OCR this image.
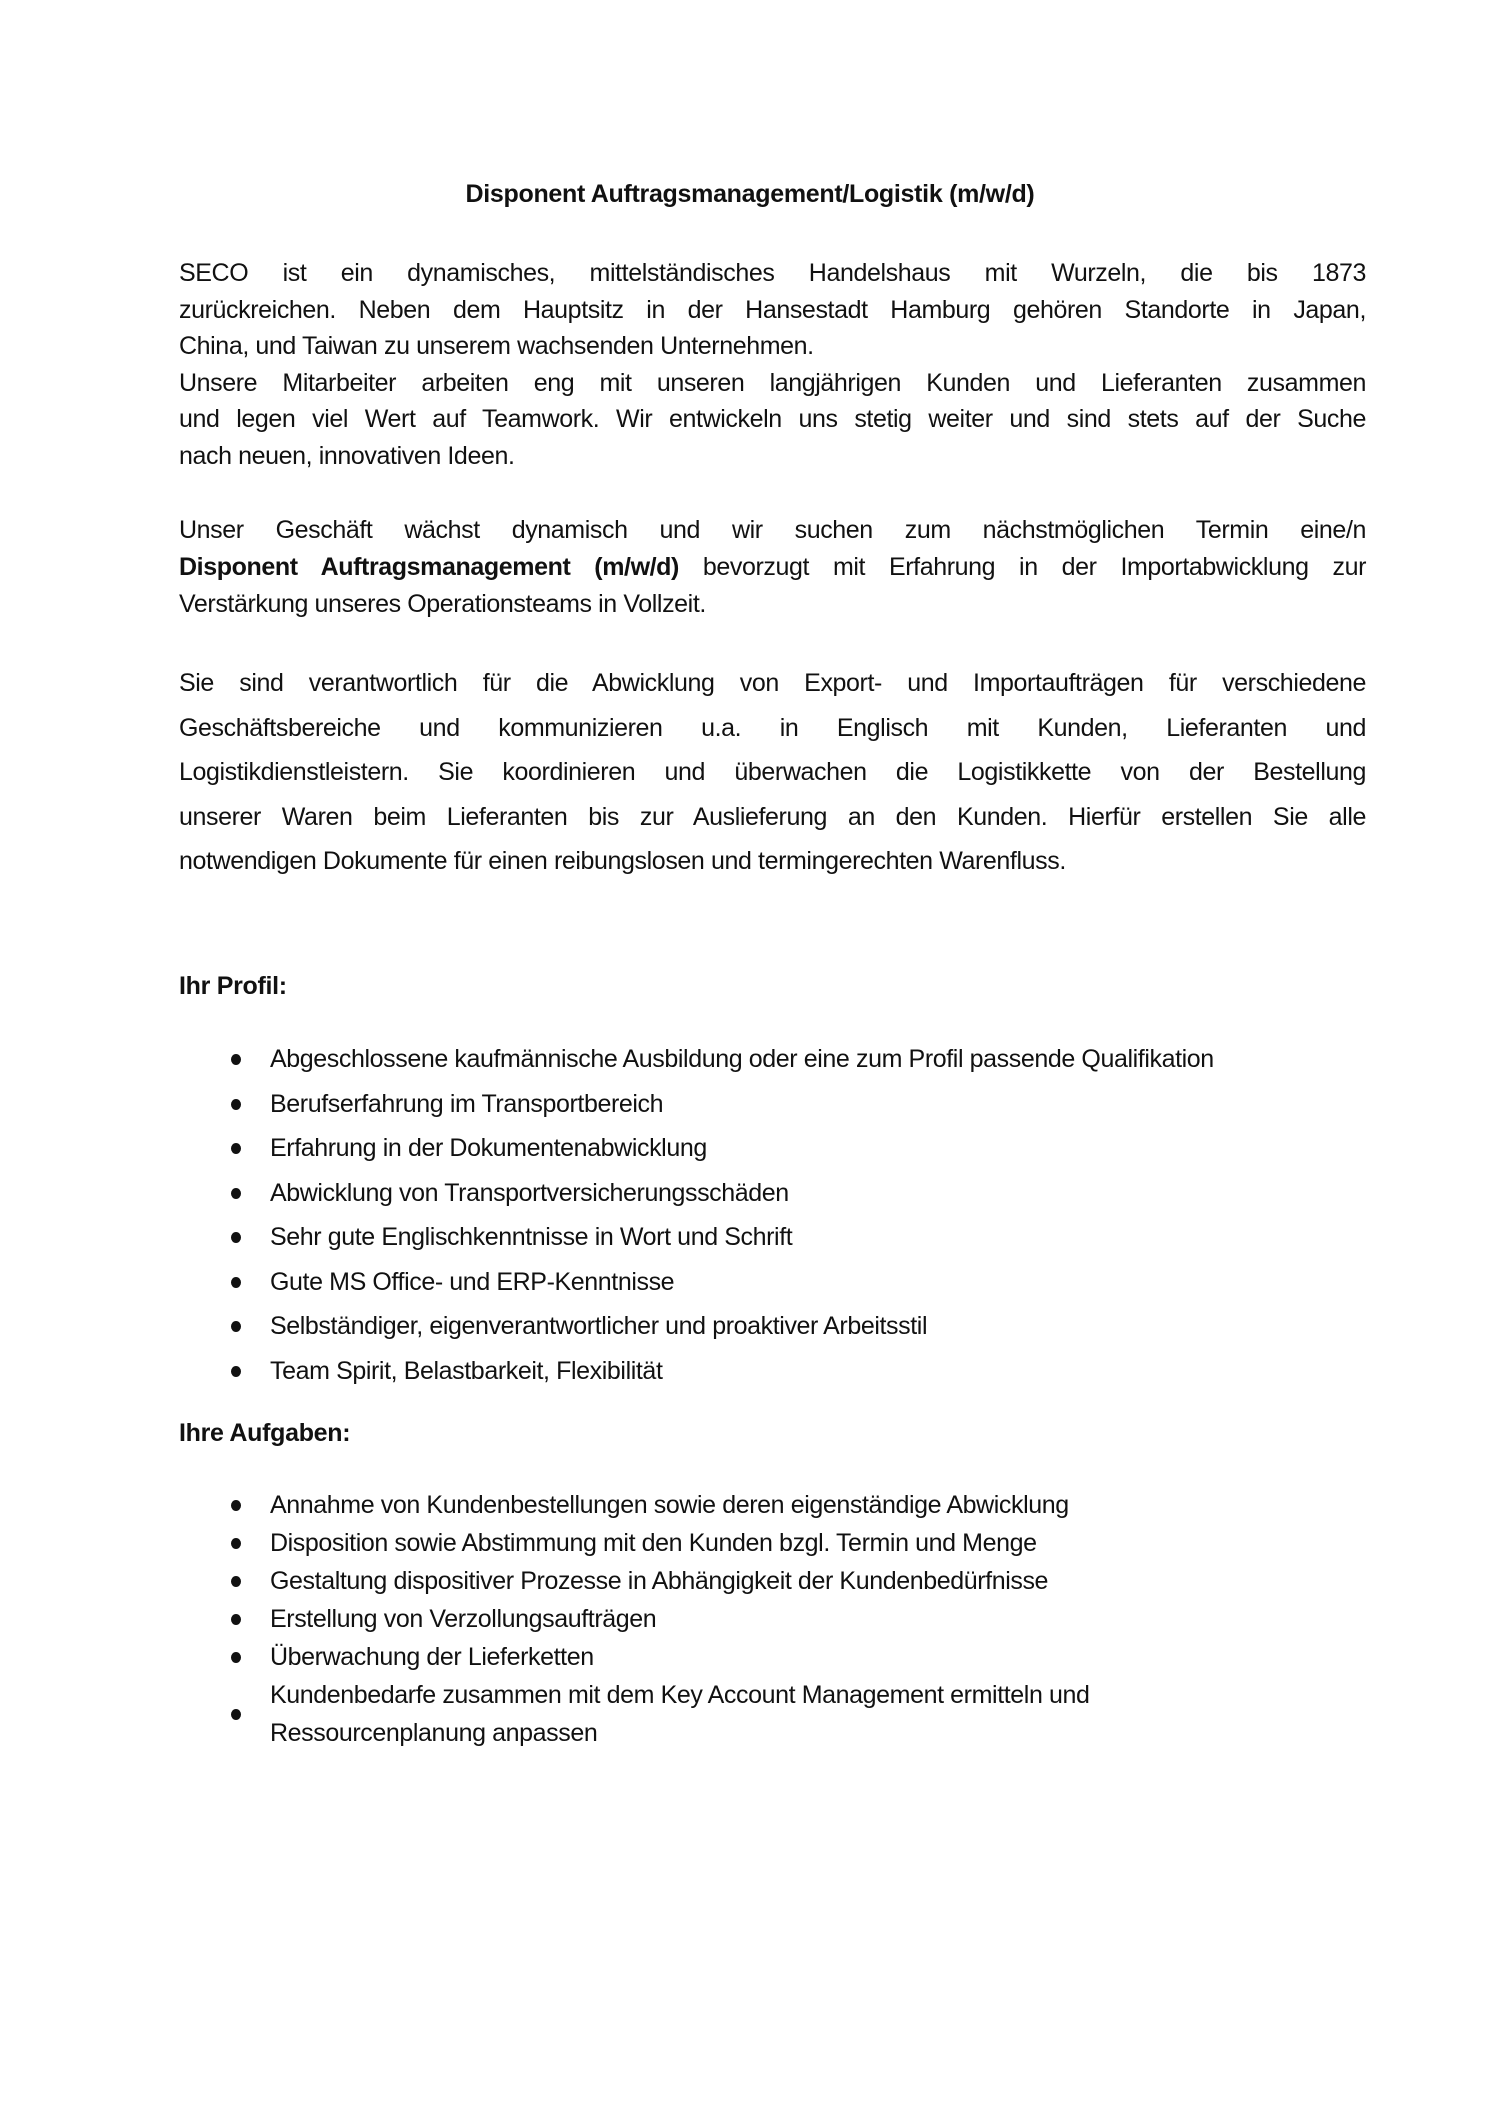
Disponent Auftragsmanagement/Logistik (m/w/d)
SECO ist ein dynamisches, mittelständisches Handelshaus mit Wurzeln, die bis 1873
zurückreichen. Neben dem Hauptsitz in der Hansestadt Hamburg gehören Standorte in Japan,
China, und Taiwan zu unserem wachsenden Unternehmen.
Unsere Mitarbeiter arbeiten eng mit unseren langjährigen Kunden und Lieferanten zusammen
und legen viel Wert auf Teamwork. Wir entwickeln uns stetig weiter und sind stets auf der Suche
nach neuen, innovativen Ideen.
Unser Geschäft wächst dynamisch und wir suchen zum nächstmöglichen Termin eine/n
Disponent Auftragsmanagement (m/w/d) bevorzugt mit Erfahrung in der Importabwicklung zur
Verstärkung unseres Operationsteams in Vollzeit.
Sie sind verantwortlich für die Abwicklung von Export- und Importaufträgen für verschiedene
Geschäftsbereiche und kommunizieren u.a. in Englisch mit Kunden, Lieferanten und
Logistikdienstleistern. Sie koordinieren und überwachen die Logistikkette von der Bestellung
unserer Waren beim Lieferanten bis zur Auslieferung an den Kunden. Hierfür erstellen Sie alle
notwendigen Dokumente für einen reibungslosen und termingerechten Warenfluss.
Ihr Profil:
Abgeschlossene kaufmännische Ausbildung oder eine zum Profil passende Qualifikation
Berufserfahrung im Transportbereich
Erfahrung in der Dokumentenabwicklung
Abwicklung von Transportversicherungsschäden
Sehr gute Englischkenntnisse in Wort und Schrift
Gute MS Office- und ERP-Kenntnisse
Selbständiger, eigenverantwortlicher und proaktiver Arbeitsstil
Team Spirit, Belastbarkeit, Flexibilität
Ihre Aufgaben:
Annahme von Kundenbestellungen sowie deren eigenständige Abwicklung
Disposition sowie Abstimmung mit den Kunden bzgl. Termin und Menge
Gestaltung dispositiver Prozesse in Abhängigkeit der Kundenbedürfnisse
Erstellung von Verzollungsaufträgen
Überwachung der Lieferketten
Kundenbedarfe zusammen mit dem Key Account Management ermitteln und Ressourcenplanung anpassen
